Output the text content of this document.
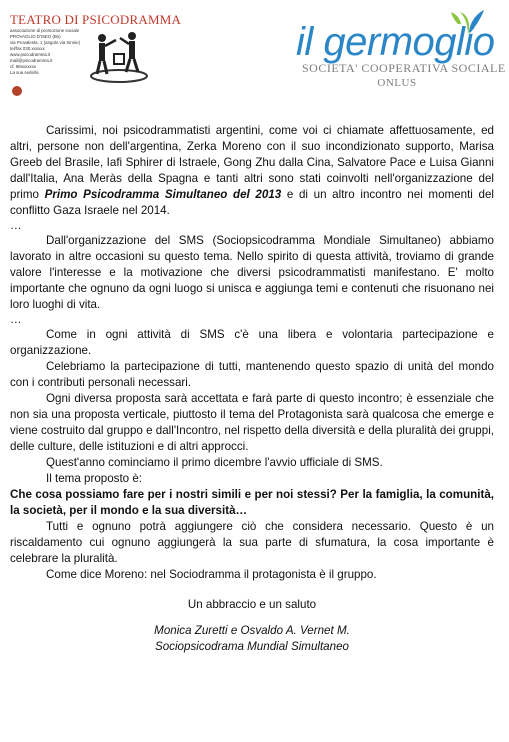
TEATRO DI PSICODRAMMA
associazione di promozione sociale
PROVAGLIO D'ISEO (Bs)
via Provalesta, 1 (angolo via Sinnie)
tel/fax 030.xxxxxx
www.psicodramma.it
mail@psicodramma.it
cf. 98xxxxxxx
La sua sede/la
il germoglio
SOCIETA' COOPERATIVA SOCIALE
ONLUS

Carissimi, noi psicodrammatisti argentini, come voi ci chiamate affettuosamente, ed altri, persone non dell'argentina, Zerka Moreno con il suo incondizionato supporto, Marisa Greeb del Brasile, Iafi Sphirer di Istraele, Gong Zhu dalla Cina, Salvatore Pace e Luisa Gianni dall'Italia, Ana Meràs della Spagna e tanti altri sono stati coinvolti nell'organizzazione del primo Primo Psicodramma Simultaneo del 2013 e di un altro incontro nei momenti del conflitto Gaza Israele nel 2014.

…

Dall'organizzazione del SMS (Sociopsicodramma Mondiale Simultaneo) abbiamo lavorato in altre occasioni su questo tema. Nello spirito di questa attività, troviamo di grande valore l'interesse e la motivazione che diversi psicodrammatisti manifestano. E' molto importante che ognuno da ogni luogo si unisca e aggiunga temi e contenuti che risuonano nei loro luoghi di vita.

…

Come in ogni attività di SMS c'è una libera e volontaria partecipazione e organizzazione.

Celebriamo la partecipazione di tutti, mantenendo questo spazio di unità del mondo con i contributi personali necessari.

Ogni diversa proposta sarà accettata e farà parte di questo incontro; è essenziale che non sia una proposta verticale, piuttosto il tema del Protagonista sarà qualcosa che emerge e viene costruito dal gruppo e dall'Incontro, nel rispetto della diversità e della pluralità dei gruppi, delle culture, delle istituzioni e di altri approcci.

Quest'anno cominciamo il primo dicembre l'avvio ufficiale di SMS.

Il tema proposto è:

Che cosa possiamo fare per i nostri simili e per noi stessi? Per la famiglia, la comunità, la società, per il mondo e la sua diversità…

Tutti e ognuno potrà aggiungere ciò che considera necessario. Questo è un riscaldamento cui ognuno aggiungerà la sua parte di sfumatura, la cosa importante è celebrare la pluralità.

Come dice Moreno: nel Sociodramma il protagonista è il gruppo.

Un abbraccio e un saluto

Monica Zuretti e Osvaldo A. Vernet M.

Sociopsicodrama Mundial Simultaneo
